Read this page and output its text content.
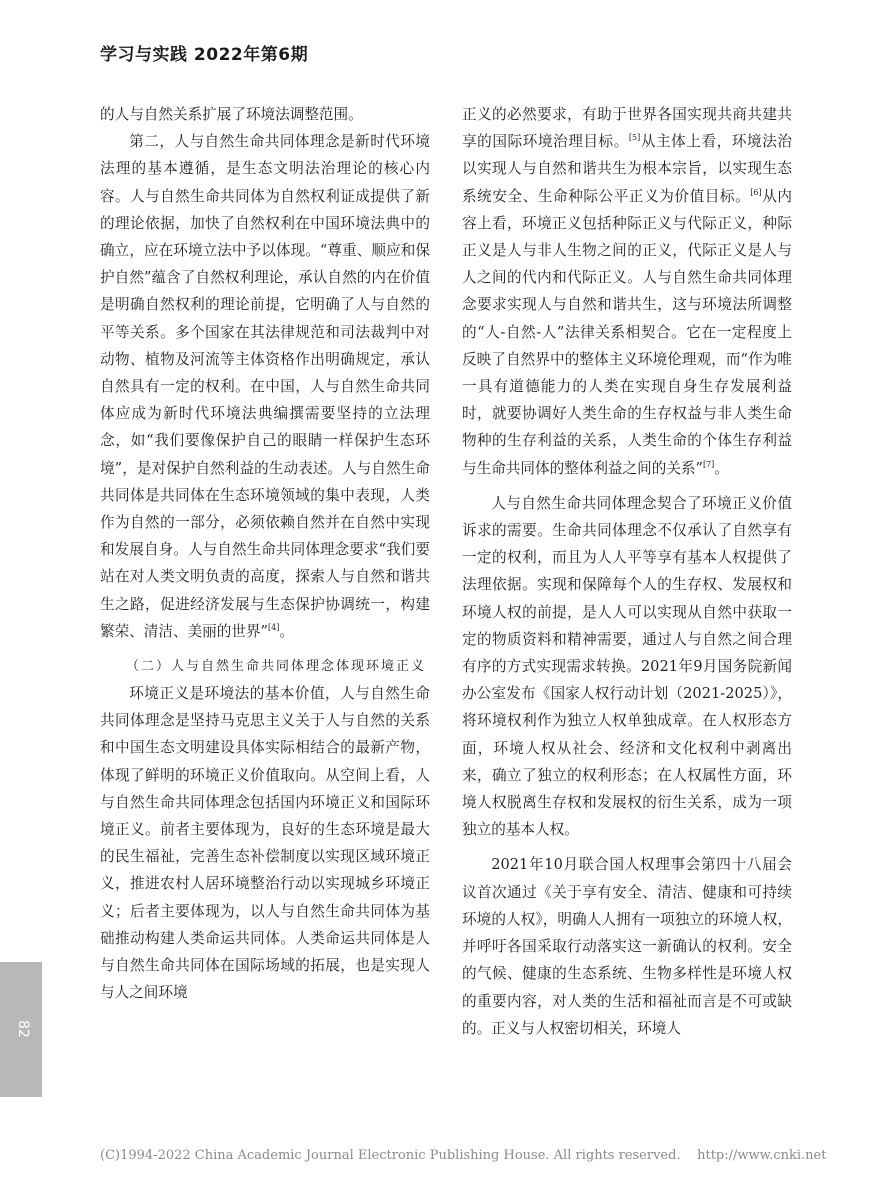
学习与实践 2022年第6期

的人与自然关系扩展了环境法调整范围。

第二，人与自然生命共同体理念是新时代环境法理的基本遵循，是生态文明法治理论的核心内容。人与自然生命共同体为自然权利证成提供了新的理论依据，加快了自然权利在中国环境法典中的确立，应在环境立法中予以体现。“尊重、顺应和保护自然”蕴含了自然权利理论，承认自然的内在价值是明确自然权利的理论前提，它明确了人与自然的平等关系。多个国家在其法律规范和司法裁判中对动物、植物及河流等主体资格作出明确规定，承认自然具有一定的权利。在中国，人与自然生命共同体应成为新时代环境法典编撰需要坚持的立法理念，如“我们要像保护自己的眼睛一样保护生态环境”，是对保护自然利益的生动表述。人与自然生命共同体是共同体在生态环境领域的集中表现，人类作为自然的一部分，必须依赖自然并在自然中实现和发展自身。人与自然生命共同体理念要求“我们要站在对人类文明负责的高度，探索人与自然和谐共生之路，促进经济发展与生态保护协调统一，构建繁荣、清洁、美丽的世界”[4]。

（二）人与自然生命共同体理念体现环境正义

环境正义是环境法的基本价值，人与自然生命共同体理念是坚持马克思主义关于人与自然的关系和中国生态文明建设具体实际相结合的最新产物，体现了鲜明的环境正义价值取向。从空间上看，人与自然生命共同体理念包括国内环境正义和国际环境正义。前者主要体现为，良好的生态环境是最大的民生福祉，完善生态补偿制度以实现区域环境正义，推进农村人居环境整治行动以实现城乡环境正义；后者主要体现为，以人与自然生命共同体为基础推动构建人类命运共同体。人类命运共同体是人与自然生命共同体在国际场域的拓展，也是实现人与人之间环境

正义的必然要求，有助于世界各国实现共商共建共享的国际环境治理目标。[5]从主体上看，环境法治以实现人与自然和谐共生为根本宗旨，以实现生态系统安全、生命种际公平正义为价值目标。[6]从内容上看，环境正义包括种际正义与代际正义，种际正义是人与非人生物之间的正义，代际正义是人与人之间的代内和代际正义。人与自然生命共同体理念要求实现人与自然和谐共生，这与环境法所调整的“人-自然-人”法律关系相契合。它在一定程度上反映了自然界中的整体主义环境伦理观，而“作为唯一具有道德能力的人类在实现自身生存发展利益时，就要协调好人类生命的生存权益与非人类生命物种的生存利益的关系，人类生命的个体生存利益与生命共同体的整体利益之间的关系”[7]。

人与自然生命共同体理念契合了环境正义价值诉求的需要。生命共同体理念不仅承认了自然享有一定的权利，而且为人人平等享有基本人权提供了法理依据。实现和保障每个人的生存权、发展权和环境人权的前提，是人人可以实现从自然中获取一定的物质资料和精神需要，通过人与自然之间合理有序的方式实现需求转换。2021年9月国务院新闻办公室发布《国家人权行动计划（2021-2025）》，将环境权利作为独立人权单独成章。在人权形态方面，环境人权从社会、经济和文化权利中剥离出来，确立了独立的权利形态；在人权属性方面，环境人权脱离生存权和发展权的衍生关系，成为一项独立的基本人权。

2021年10月联合国人权理事会第四十八届会议首次通过《关于享有安全、清洁、健康和可持续环境的人权》，明确人人拥有一项独立的环境人权，并呼吁各国采取行动落实这一新确认的权利。安全的气候、健康的生态系统、生物多样性是环境人权的重要内容，对人类的生活和福祉而言是不可或缺的。正义与人权密切相关，环境人

82
(C)1994-2022 China Academic Journal Electronic Publishing House. All rights reserved. http://www.cnki.net
